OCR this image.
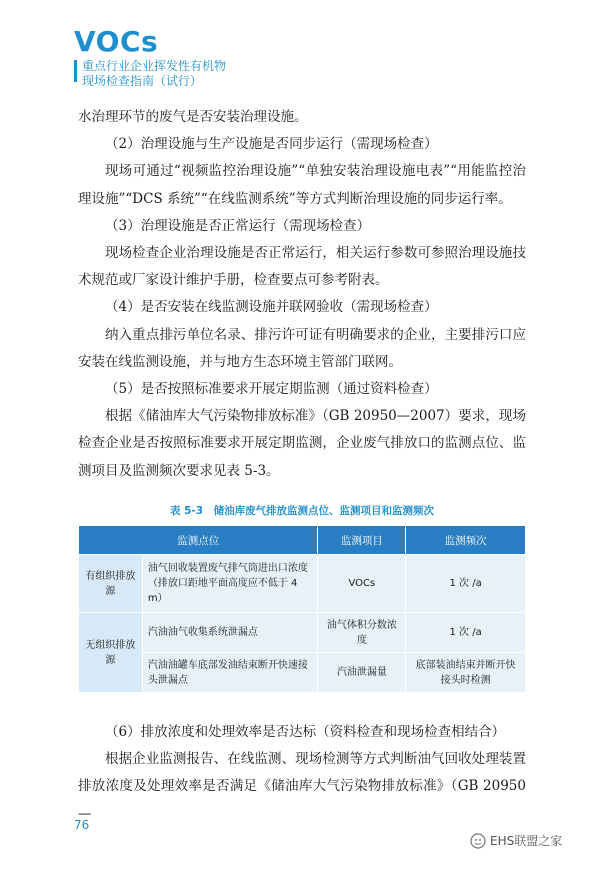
VOCs
重点行业企业挥发性有机物
现场检查指南（试行）

水治理环节的废气是否安装治理设施。

（2）治理设施与生产设施是否同步运行（需现场检查）

现场可通过“视频监控治理设施”“单独安装治理设施电表”“用能监控治理设施”“DCS 系统”“在线监测系统”等方式判断治理设施的同步运行率。

（3）治理设施是否正常运行（需现场检查）

现场检查企业治理设施是否正常运行，相关运行参数可参照治理设施技术规范或厂家设计维护手册，检查要点可参考附表。

（4）是否安装在线监测设施并联网验收（需现场检查）

纳入重点排污单位名录、排污许可证有明确要求的企业，主要排污口应安装在线监测设施，并与地方生态环境主管部门联网。

（5）是否按照标准要求开展定期监测（通过资料检查）

根据《储油库大气污染物排放标准》（GB 20950—2007）要求，现场检查企业是否按照标准要求开展定期监测，企业废气排放口的监测点位、监测项目及监测频次要求见表 5-3。

表 5-3　储油库废气排放监测点位、监测项目和监测频次
监测点位		监测项目	监测频次
有组织排放源	油气回收装置废气排气筒进出口浓度（排放口距地平面高度应不低于 4 m）	VOCs	1 次 /a
无组织排放源	汽油油气收集系统泄漏点	油气体积分数浓度	1 次 /a
	汽油油罐车底部发油结束断开快速接头泄漏点	汽油泄漏量	底部装油结束并断开快接头时检测

（6）排放浓度和处理效率是否达标（资料检查和现场检查相结合）

根据企业监测报告、在线监测、现场检测等方式判断油气回收处理装置排放浓度及处理效率是否满足《储油库大气污染物排放标准》（GB 20950—

76
EHS联盟之家
